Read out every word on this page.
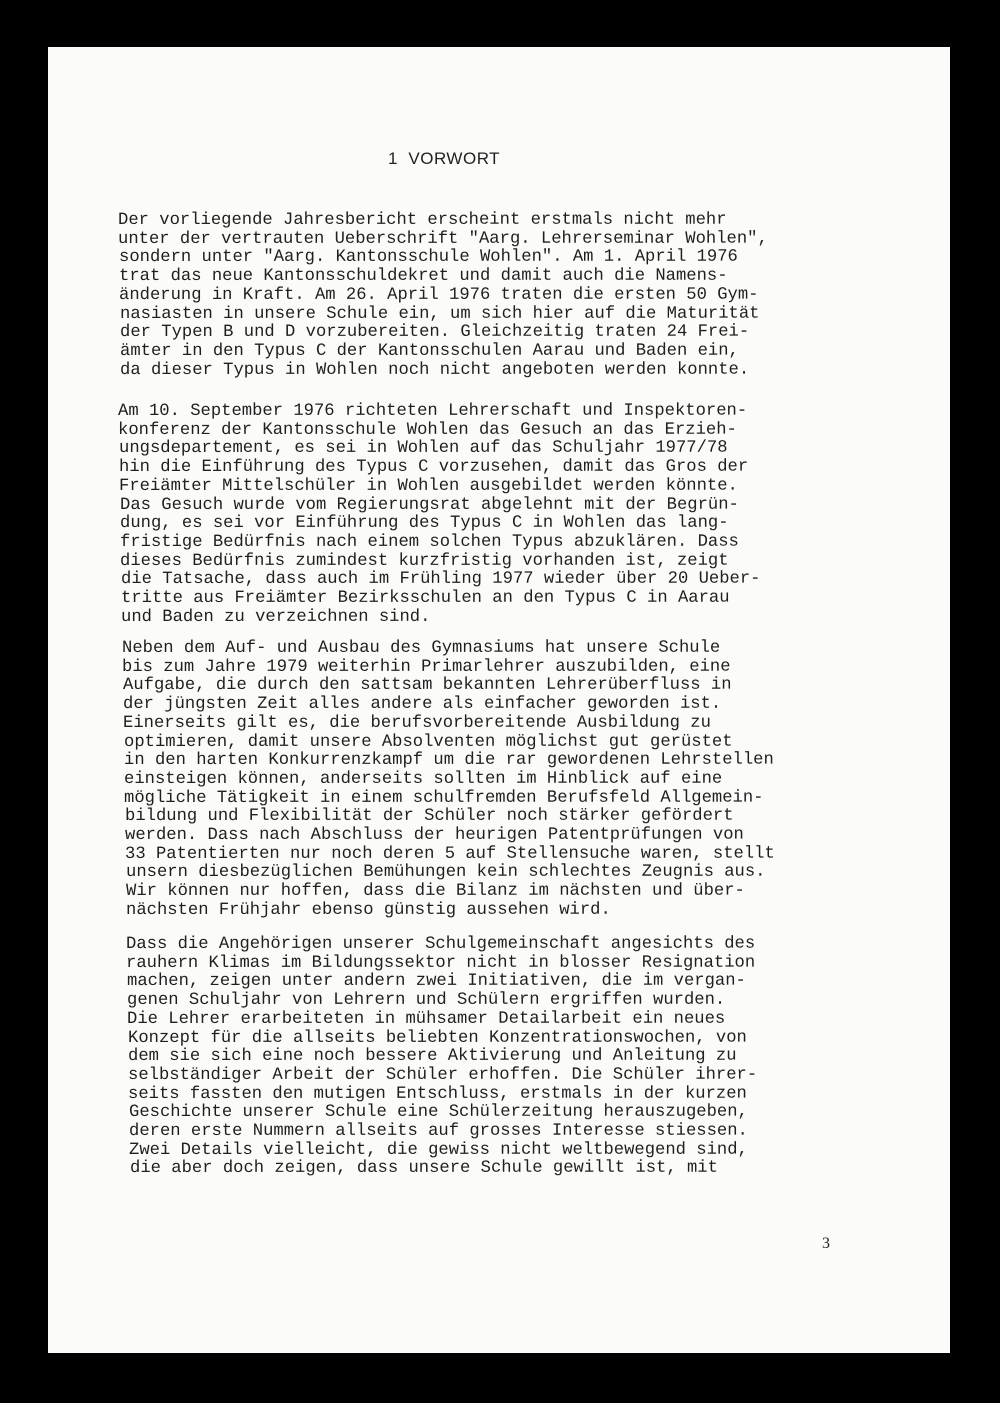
1  VORWORT
Der vorliegende Jahresbericht erscheint erstmals nicht mehr
unter der vertrauten Ueberschrift "Aarg. Lehrerseminar Wohlen",
sondern unter "Aarg. Kantonsschule Wohlen". Am 1. April 1976
trat das neue Kantonsschuldekret und damit auch die Namens-
änderung in Kraft. Am 26. April 1976 traten die ersten 50 Gym-
nasiasten in unsere Schule ein, um sich hier auf die Maturität
der Typen B und D vorzubereiten. Gleichzeitig traten 24 Frei-
ämter in den Typus C der Kantonsschulen Aarau und Baden ein,
da dieser Typus in Wohlen noch nicht angeboten werden konnte.
Am 10. September 1976 richteten Lehrerschaft und Inspektoren-
konferenz der Kantonsschule Wohlen das Gesuch an das Erzieh-
ungsdepartement, es sei in Wohlen auf das Schuljahr 1977/78
hin die Einführung des Typus C vorzusehen, damit das Gros der
Freiämter Mittelschüler in Wohlen ausgebildet werden könnte.
Das Gesuch wurde vom Regierungsrat abgelehnt mit der Begrün-
dung, es sei vor Einführung des Typus C in Wohlen das lang-
fristige Bedürfnis nach einem solchen Typus abzuklären. Dass
dieses Bedürfnis zumindest kurzfristig vorhanden ist, zeigt
die Tatsache, dass auch im Frühling 1977 wieder über 20 Ueber-
tritte aus Freiämter Bezirksschulen an den Typus C in Aarau
und Baden zu verzeichnen sind.
Neben dem Auf- und Ausbau des Gymnasiums hat unsere Schule
bis zum Jahre 1979 weiterhin Primarlehrer auszubilden, eine
Aufgabe, die durch den sattsam bekannten Lehrerüberfluss in
der jüngsten Zeit alles andere als einfacher geworden ist.
Einerseits gilt es, die berufsvorbereitende Ausbildung zu
optimieren, damit unsere Absolventen möglichst gut gerüstet
in den harten Konkurrenzkampf um die rar gewordenen Lehrstellen
einsteigen können, anderseits sollten im Hinblick auf eine
mögliche Tätigkeit in einem schulfremden Berufsfeld Allgemein-
bildung und Flexibilität der Schüler noch stärker gefördert
werden. Dass nach Abschluss der heurigen Patentprüfungen von
33 Patentierten nur noch deren 5 auf Stellensuche waren, stellt
unsern diesbezüglichen Bemühungen kein schlechtes Zeugnis aus.
Wir können nur hoffen, dass die Bilanz im nächsten und über-
nächsten Frühjahr ebenso günstig aussehen wird.
Dass die Angehörigen unserer Schulgemeinschaft angesichts des
rauhern Klimas im Bildungssektor nicht in blosser Resignation
machen, zeigen unter andern zwei Initiativen, die im vergan-
genen Schuljahr von Lehrern und Schülern ergriffen wurden.
Die Lehrer erarbeiteten in mühsamer Detailarbeit ein neues
Konzept für die allseits beliebten Konzentrationswochen, von
dem sie sich eine noch bessere Aktivierung und Anleitung zu
selbständiger Arbeit der Schüler erhoffen. Die Schüler ihrer-
seits fassten den mutigen Entschluss, erstmals in der kurzen
Geschichte unserer Schule eine Schülerzeitung herauszugeben,
deren erste Nummern allseits auf grosses Interesse stiessen.
Zwei Details vielleicht, die gewiss nicht weltbewegend sind,
die aber doch zeigen, dass unsere Schule gewillt ist, mit
3
